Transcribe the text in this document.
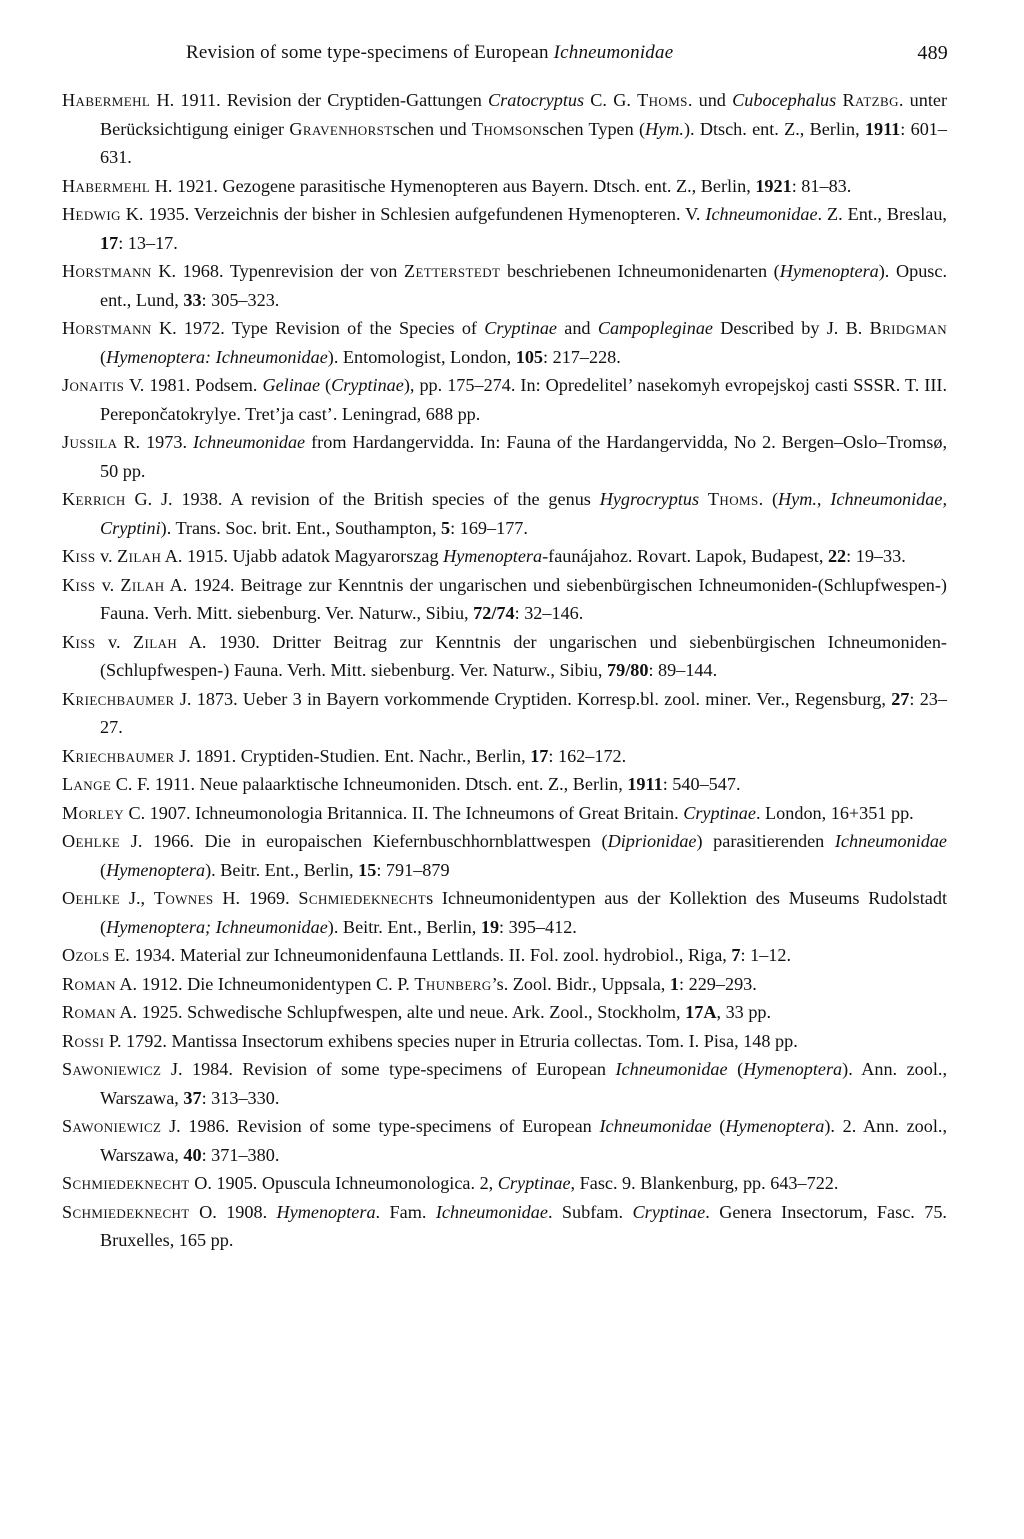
Revision of some type-specimens of European Ichneumonidae	489

Habermehl H. 1911. Revision der Cryptiden-Gattungen Cratocryptus C. G. Thoms. und Cubocephalus Ratzbg. unter Berücksichtigung einiger Gravenhorstschen und Thomsonschen Typen (Hym.). Dtsch. ent. Z., Berlin, 1911: 601–631.

Habermehl H. 1921. Gezogene parasitische Hymenopteren aus Bayern. Dtsch. ent. Z., Berlin, 1921: 81–83.

Hedwig K. 1935. Verzeichnis der bisher in Schlesien aufgefundenen Hymenopteren. V. Ichneumonidae. Z. Ent., Breslau, 17: 13–17.

Horstmann K. 1968. Typenrevision der von Zetterstedt beschriebenen Ichneumonidenarten (Hymenoptera). Opusc. ent., Lund, 33: 305–323.

Horstmann K. 1972. Type Revision of the Species of Cryptinae and Campopleginae Described by J. B. Bridgman (Hymenoptera: Ichneumonidae). Entomologist, London, 105: 217–228.

Jonaitis V. 1981. Podsem. Gelinae (Cryptinae), pp. 175–274. In: Opredelitel’ nasekomyh evropejskoj casti SSSR. T. III. Perepončatokrylye. Tret’ja cast’. Leningrad, 688 pp.

Jussila R. 1973. Ichneumonidae from Hardangervidda. In: Fauna of the Hardangervidda, No 2. Bergen–Oslo–Tromsø, 50 pp.

Kerrich G. J. 1938. A revision of the British species of the genus Hygrocryptus Thoms. (Hym., Ichneumonidae, Cryptini). Trans. Soc. brit. Ent., Southampton, 5: 169–177.

Kiss v. Zilah A. 1915. Ujabb adatok Magyarorszag Hymenoptera-faunájahoz. Rovart. Lapok, Budapest, 22: 19–33.

Kiss v. Zilah A. 1924. Beitrage zur Kenntnis der ungarischen und siebenbürgischen Ichneumoniden-(Schlupfwespen-) Fauna. Verh. Mitt. siebenburg. Ver. Naturw., Sibiu, 72/74: 32–146.

Kiss v. Zilah A. 1930. Dritter Beitrag zur Kenntnis der ungarischen und siebenbürgischen Ichneumoniden-(Schlupfwespen-) Fauna. Verh. Mitt. siebenburg. Ver. Naturw., Sibiu, 79/80: 89–144.

Kriechbaumer J. 1873. Ueber 3 in Bayern vorkommende Cryptiden. Korresp.bl. zool. miner. Ver., Regensburg, 27: 23–27.

Kriechbaumer J. 1891. Cryptiden-Studien. Ent. Nachr., Berlin, 17: 162–172.

Lange C. F. 1911. Neue palaarktische Ichneumoniden. Dtsch. ent. Z., Berlin, 1911: 540–547.

Morley C. 1907. Ichneumonologia Britannica. II. The Ichneumons of Great Britain. Cryptinae. London, 16+351 pp.

Oehlke J. 1966. Die in europaischen Kiefernbuschhornblattwespen (Diprionidae) parasitierenden Ichneumonidae (Hymenoptera). Beitr. Ent., Berlin, 15: 791–879

Oehlke J., Townes H. 1969. Schmiedeknechts Ichneumonidentypen aus der Kollektion des Museums Rudolstadt (Hymenoptera; Ichneumonidae). Beitr. Ent., Berlin, 19: 395–412.

Ozols E. 1934. Material zur Ichneumonidenfauna Lettlands. II. Fol. zool. hydrobiol., Riga, 7: 1–12.

Roman A. 1912. Die Ichneumonidentypen C. P. Thunberg’s. Zool. Bidr., Uppsala, 1: 229–293.

Roman A. 1925. Schwedische Schlupfwespen, alte und neue. Ark. Zool., Stockholm, 17A, 33 pp.

Rossi P. 1792. Mantissa Insectorum exhibens species nuper in Etruria collectas. Tom. I. Pisa, 148 pp.

Sawoniewicz J. 1984. Revision of some type-specimens of European Ichneumonidae (Hymenoptera). Ann. zool., Warszawa, 37: 313–330.

Sawoniewicz J. 1986. Revision of some type-specimens of European Ichneumonidae (Hymenoptera). 2. Ann. zool., Warszawa, 40: 371–380.

Schmiedeknecht O. 1905. Opuscula Ichneumonologica. 2, Cryptinae, Fasc. 9. Blankenburg, pp. 643–722.

Schmiedeknecht O. 1908. Hymenoptera. Fam. Ichneumonidae. Subfam. Cryptinae. Genera Insectorum, Fasc. 75. Bruxelles, 165 pp.
